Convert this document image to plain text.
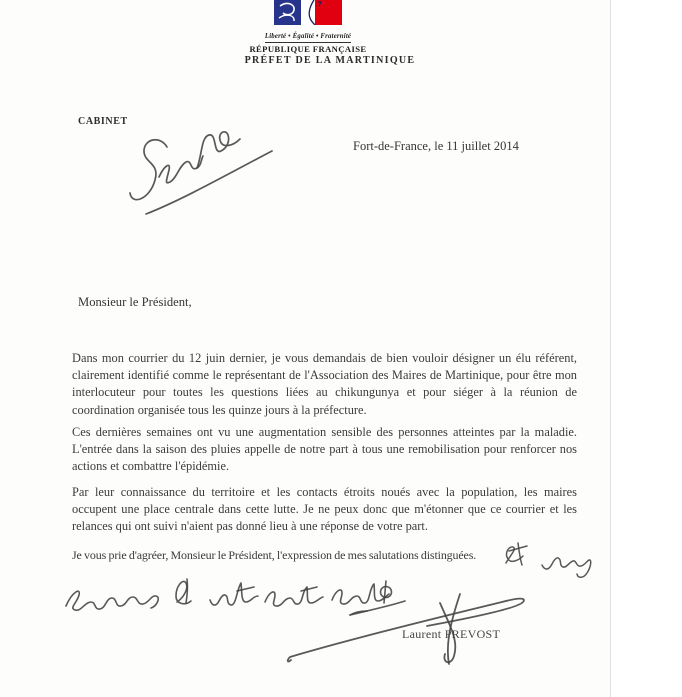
Liberté • Égalité • Fraternité
RÉPUBLIQUE FRANÇAISE
PRÉFET DE LA MARTINIQUE
CABINET
Fort-de-France, le 11 juillet 2014
Monsieur le Président,

Dans mon courrier du 12 juin dernier, je vous demandais de bien vouloir désigner un élu référent, clairement identifié comme le représentant de l'Association des Maires de Martinique, pour être mon interlocuteur pour toutes les questions liées au chikungunya et pour siéger à la réunion de coordination organisée tous les quinze jours à la préfecture.

Ces dernières semaines ont vu une augmentation sensible des personnes atteintes par la maladie. L'entrée dans la saison des pluies appelle de notre part à tous une remobilisation pour renforcer nos actions et combattre l'épidémie.

Par leur connaissance du territoire et les contacts étroits noués avec la population, les maires occupent une place centrale dans cette lutte. Je ne peux donc que m'étonner que ce courrier et les relances qui ont suivi n'aient pas donné lieu à une réponse de votre part.

Je vous prie d'agréer, Monsieur le Président, l'expression de mes salutations distinguées.
Laurent PREVOST
